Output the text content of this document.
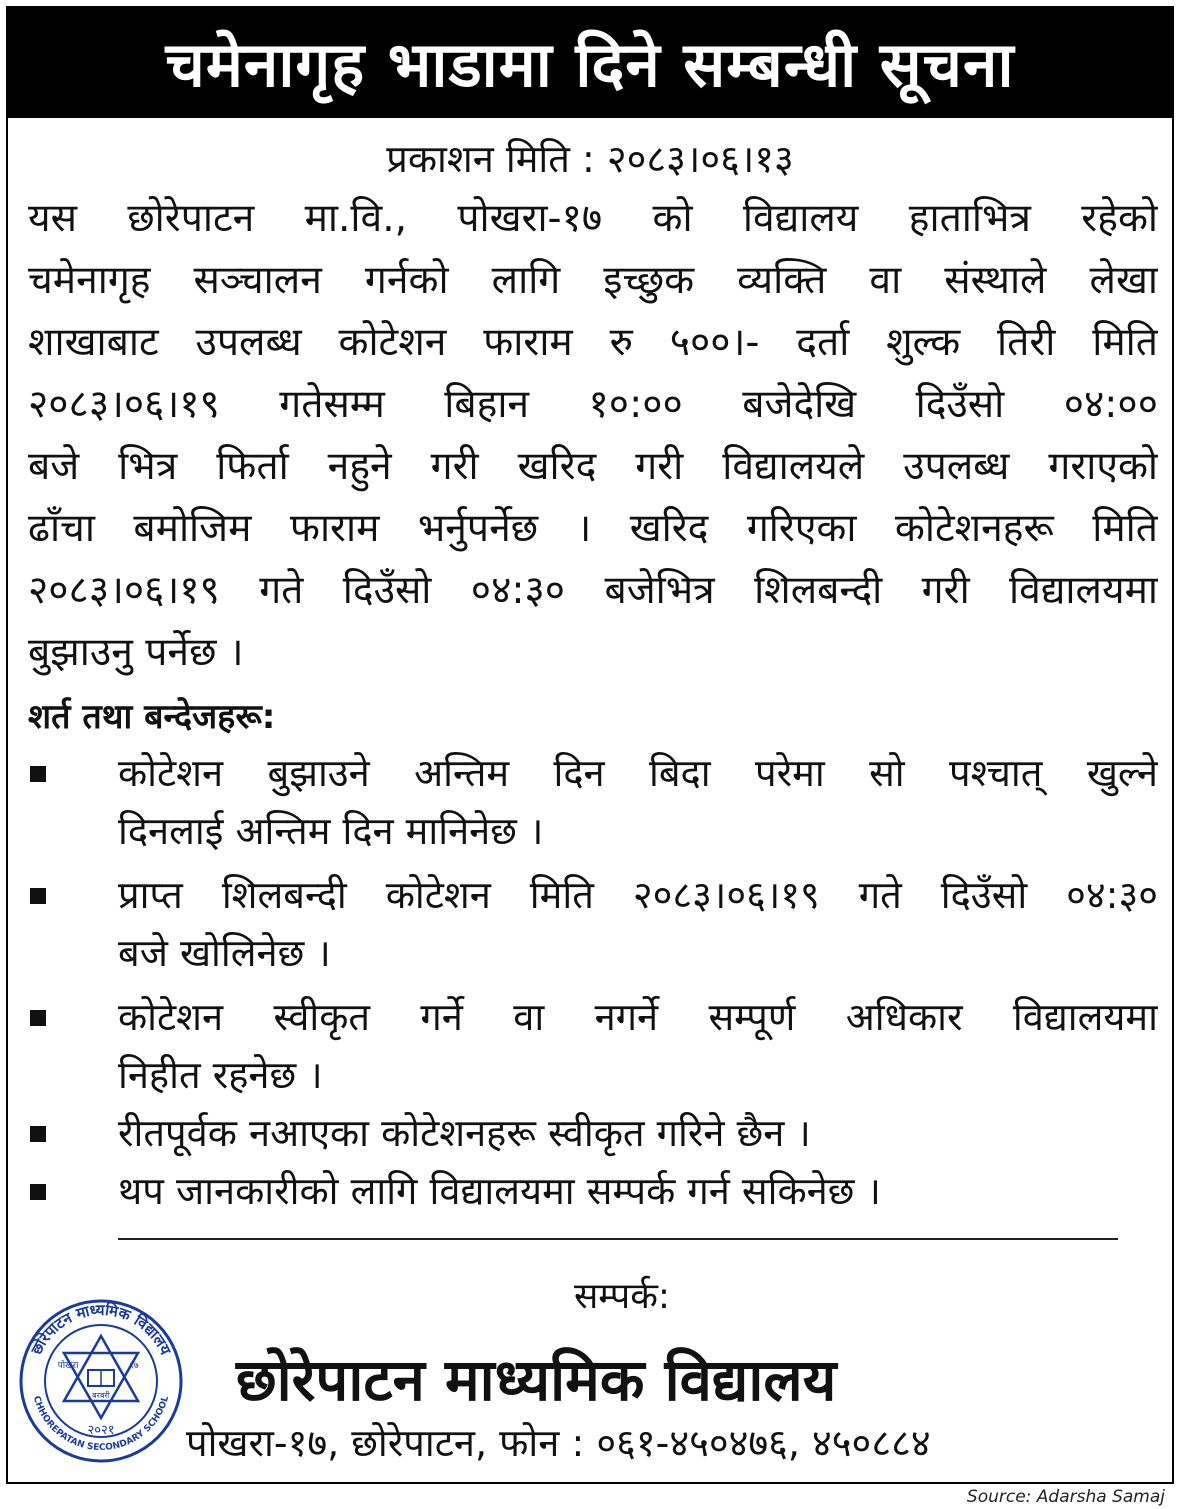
चमेनागृह भाडामा दिने सम्बन्धी सूचना
प्रकाशन मिति : २०८३।०६।१३
यस छोरेपाटन मा.वि., पोखरा-१७ को विद्यालय हाताभित्र रहेको
चमेनागृह सञ्चालन गर्नको लागि इच्छुक व्यक्ति वा संस्थाले लेखा
शाखाबाट उपलब्ध कोटेशन फाराम रु ५००।- दर्ता शुल्क तिरी मिति
२०८३।०६।१९ गतेसम्म बिहान १०:०० बजेदेखि दिउँसो ०४:००
बजे भित्र फिर्ता नहुने गरी खरिद गरी विद्यालयले उपलब्ध गराएको
ढाँचा बमोजिम फाराम भर्नुपर्नेछ । खरिद गरिएका कोटेशनहरू मिति
२०८३।०६।१९ गते दिउँसो ०४:३० बजेभित्र शिलबन्दी गरी विद्यालयमा
बुझाउनु पर्नेछ ।
शर्त तथा बन्देजहरू:
कोटेशन बुझाउने अन्तिम दिन बिदा परेमा सो पश्चात् खुल्ने
दिनलाई अन्तिम दिन मानिनेछ ।
प्राप्त शिलबन्दी कोटेशन मिति २०८३।०६।१९ गते दिउँसो ०४:३०
बजे खोलिनेछ ।
कोटेशन स्वीकृत गर्ने वा नगर्ने सम्पूर्ण अधिकार विद्यालयमा
निहीत रहनेछ ।
रीतपूर्वक नआएका कोटेशनहरू स्वीकृत गरिने छैन ।
थप जानकारीको लागि विद्यालयमा सम्पर्क गर्न सकिनेछ ।
सम्पर्क:
छोरेपाटन माध्यमिक विद्यालय
CHHOREPATAN SECONDARY SCHOOL
पोखरा	१७
बरबरी
२०२१
छोरेपाटन माध्यमिक विद्यालय
पोखरा-१७, छोरेपाटन, फोन : ०६१-४५०४७६, ४५०८८४
Source: Adarsha Samaj
